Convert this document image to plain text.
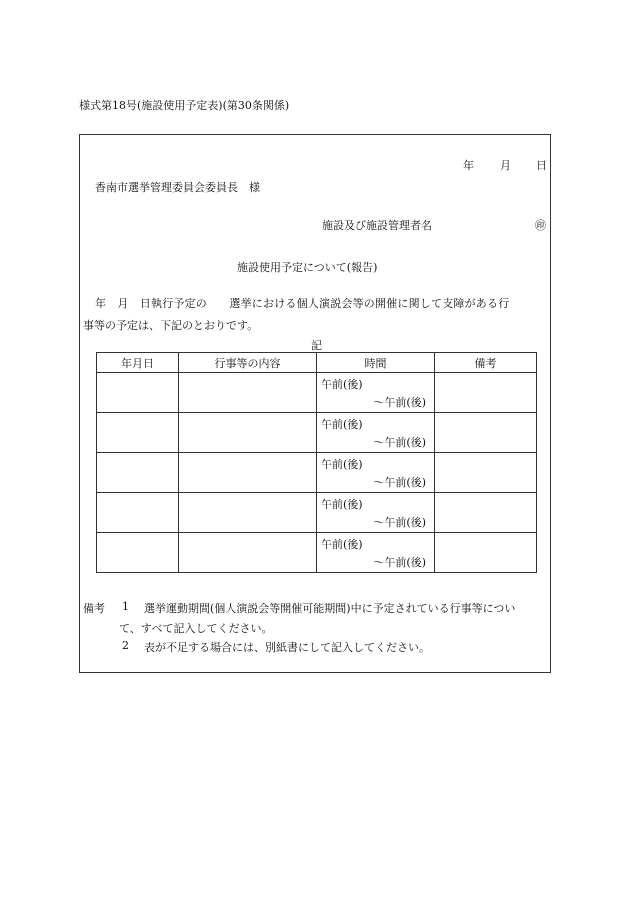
様式第18号(施設使用予定表)(第30条関係)
年 月 日
香南市選挙管理委員会委員長　様
施設及び施設管理者名	㊞
施設使用予定について(報告)
年　月　日執行予定の　　選挙における個人演説会等の開催に関して支障がある行
事等の予定は、下記のとおりです。
記
年月日	行事等の内容	時間	備考

		午前(後)
～午前(後)	

		午前(後)
～午前(後)	

		午前(後)
～午前(後)	

		午前(後)
～午前(後)	

		午前(後)
～午前(後)	

備考 1 選挙運動期間(個人演説会等開催可能期間)中に予定されている行事等につい
て、すべて記入してください。
2 表が不足する場合には、別紙書にして記入してください。
